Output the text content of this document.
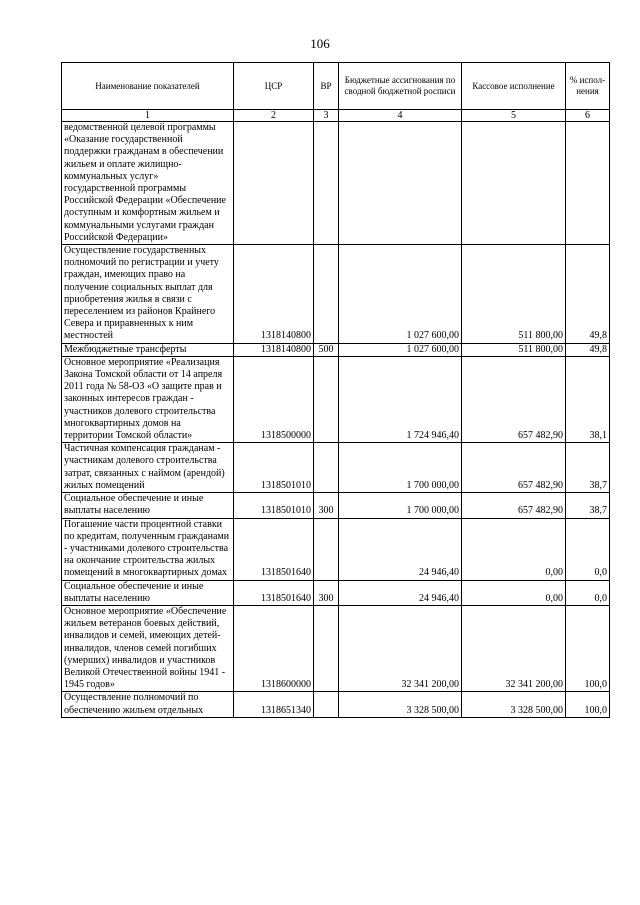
106
Наименование показателей	ЦСР	ВР	Бюджетные ассигнования по сводной бюджетной росписи	Кассовое исполнение	% испол-нения
1	2	3	4	5	6
ведомственной целевой программы «Оказание государственной поддержки гражданам в обеспечении жильем и оплате жилищно-коммунальных услуг» государственной программы Российской Федерации «Обеспечение доступным и комфортным жильем и коммунальными услугами граждан Российской Федерации»					
Осуществление государственных полномочий по регистрации и учету граждан, имеющих право на получение социальных выплат для приобретения жилья в связи с переселением из районов Крайнего Севера и приравненных к ним местностей	1318140800		1 027 600,00	511 800,00	49,8
Межбюджетные трансферты	1318140800	500	1 027 600,00	511 800,00	49,8
Основное мероприятие «Реализация Закона Томской области от 14 апреля 2011 года № 58-ОЗ «О защите прав и законных интересов граждан - участников долевого строительства многоквартирных домов на территории Томской области»	1318500000		1 724 946,40	657 482,90	38,1
Частичная компенсация гражданам - участникам долевого строительства затрат, связанных с наймом (арендой) жилых помещений	1318501010		1 700 000,00	657 482,90	38,7
Социальное обеспечение и иные выплаты населению	1318501010	300	1 700 000,00	657 482,90	38,7
Погашение части процентной ставки по кредитам, полученным гражданами - участниками долевого строительства на окончание строительства жилых помещений в многоквартирных домах	1318501640		24 946,40	0,00	0,0
Социальное обеспечение и иные выплаты населению	1318501640	300	24 946,40	0,00	0,0
Основное мероприятие «Обеспечение жильем ветеранов боевых действий, инвалидов и семей, имеющих детей-инвалидов, членов семей погибших (умерших) инвалидов и участников Великой Отечественной войны 1941 - 1945 годов»	1318600000		32 341 200,00	32 341 200,00	100,0
Осуществление полномочий по обеспечению жильем отдельных	1318651340		3 328 500,00	3 328 500,00	100,0
